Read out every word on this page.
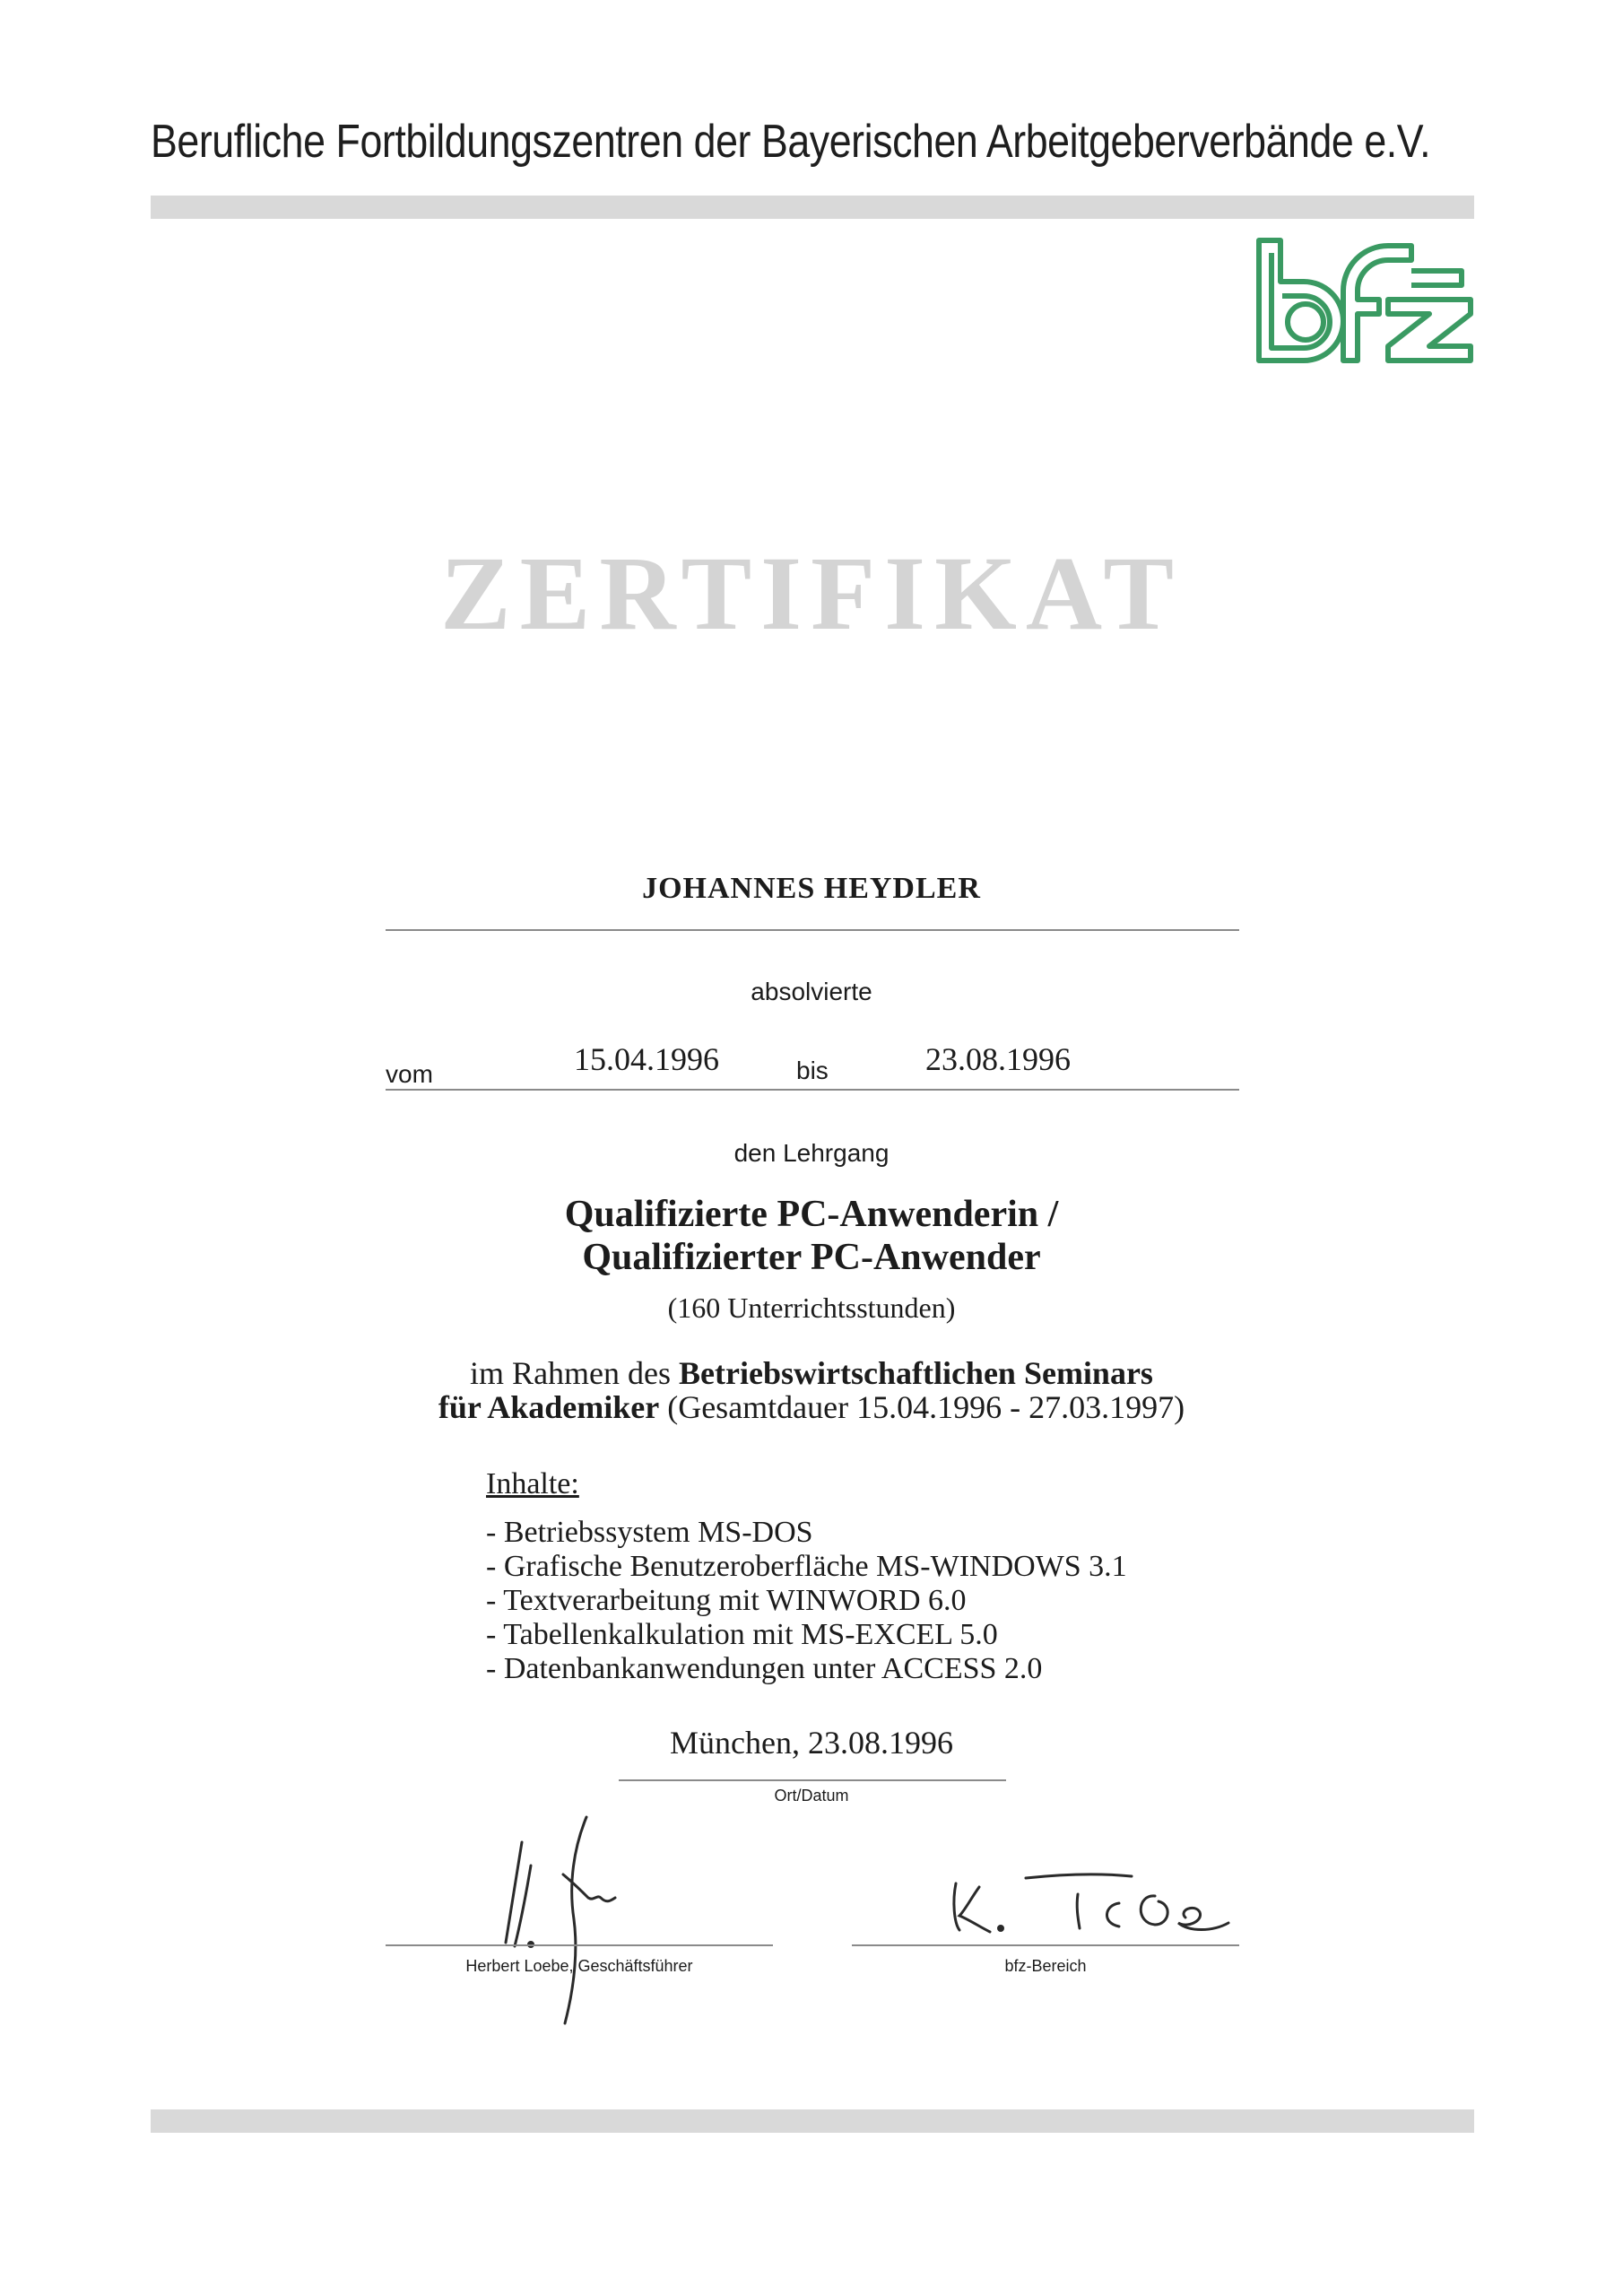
Berufliche Fortbildungszentren der Bayerischen Arbeitgeberverbände e.V.
ZERTIFIKAT
JOHANNES HEYDLER
absolvierte
vom	15.04.1996	bis	23.08.1996
den Lehrgang
Qualifizierte PC-Anwenderin /
Qualifizierter PC-Anwender
(160 Unterrichtsstunden)
im Rahmen des Betriebswirtschaftlichen Seminars
für Akademiker (Gesamtdauer 15.04.1996 - 27.03.1997)
Inhalte:
- Betriebssystem MS-DOS
- Grafische Benutzeroberfläche MS-WINDOWS 3.1
- Textverarbeitung mit WINWORD 6.0
- Tabellenkalkulation mit MS-EXCEL 5.0
- Datenbankanwendungen unter ACCESS 2.0
München, 23.08.1996
Ort/Datum
Herbert Loebe, Geschäftsführer	bfz-Bereich
